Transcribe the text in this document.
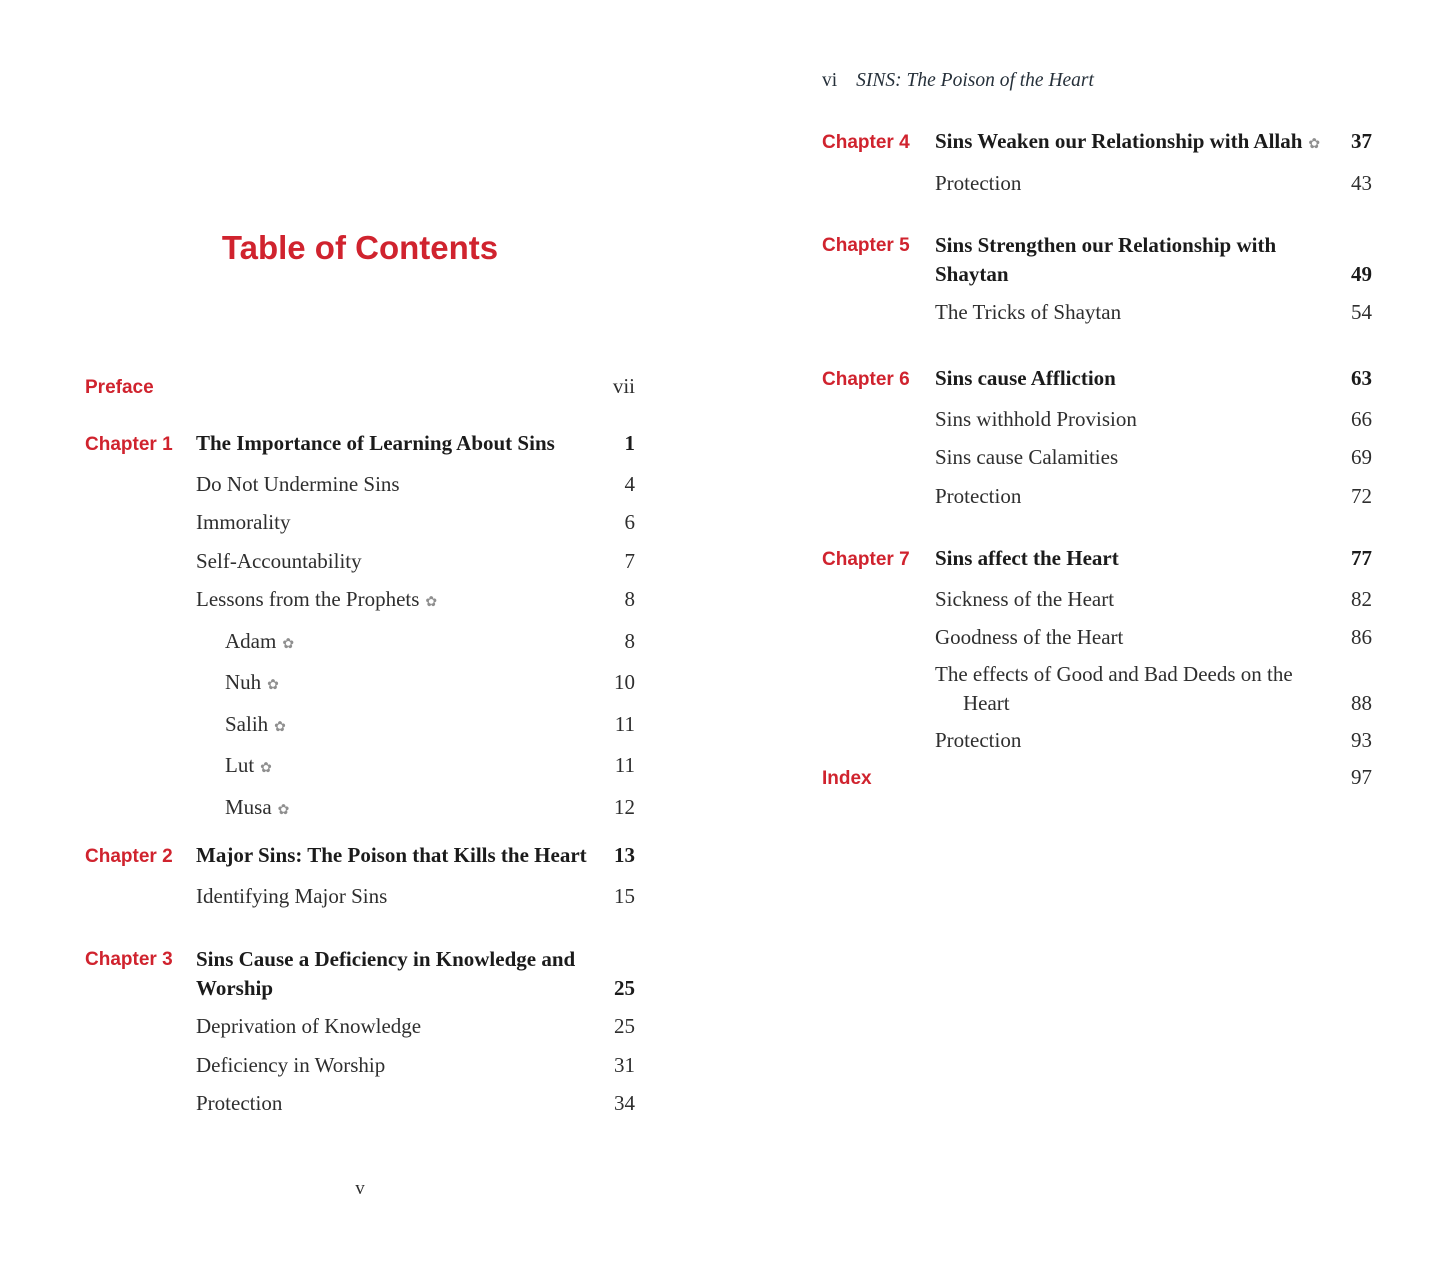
Table of Contents
Preface	vii
Chapter 1	The Importance of Learning About Sins	1
Do Not Undermine Sins	4
Immorality	6
Self-Accountability	7
Lessons from the Prophets ✿	8
Adam ✿	8
Nuh ✿	10
Salih ✿	11
Lut ✿	11
Musa ✿	12
Chapter 2	Major Sins: The Poison that Kills the Heart	13
Identifying Major Sins	15
Chapter 3	Sins Cause a Deficiency in Knowledge and
Worship	25
Deprivation of Knowledge	25
Deficiency in Worship	31
Protection	34
v
vi SINS: The Poison of the Heart
Chapter 4	Sins Weaken our Relationship with Allah ✿	37
Protection	43
Chapter 5	Sins Strengthen our Relationship with
Shaytan	49
The Tricks of Shaytan	54
Chapter 6	Sins cause Affliction	63
Sins withhold Provision	66
Sins cause Calamities	69
Protection	72
Chapter 7	Sins affect the Heart	77
Sickness of the Heart	82
Goodness of the Heart	86
The effects of Good and Bad Deeds on the
Heart	88
Protection	93
Index	97
